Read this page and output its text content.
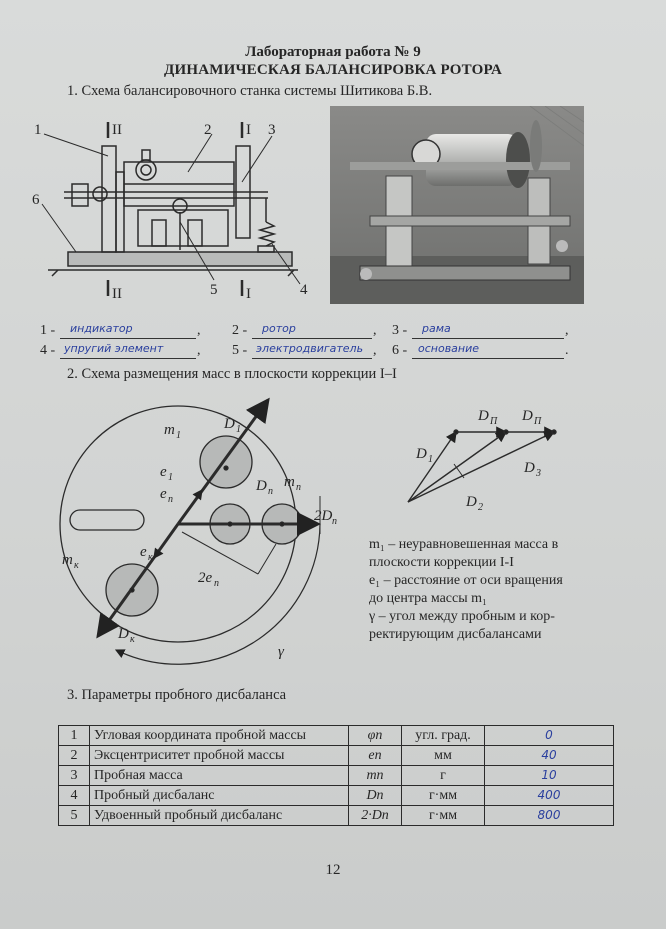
Лабораторная работа № 9
ДИНАМИЧЕСКАЯ БАЛАНСИРОВКА РОТОРА
1. Схема балансировочного станка системы Шитикова Б.В.
1	II	2 I 3
6
5	4
II	I
1 - индикатор	, 2 - ротор	, 3 - рама	,
4 - упругий элемент , 5 - электродвигатель , 6 - основание	.
2. Схема размещения масс в плоскости коррекции I–I
m 1
D 1
e 1
e п
D п
m п
2D п
m к
e к
2e п
D к
γ
D П D П
D 1
D 3
D 2
m₁ – неуравновешенная масса в
плоскости коррекции I-I
e₁ – расстояние от оси вращения
до центра массы m₁
γ – угол между пробным и кор-
ректирующим дисбалансами
3. Параметры пробного дисбаланса
1	Угловая координата пробной массы	φп	угл. град.	0
2	Эксцентриситет пробной массы	eп	мм	40
3	Пробная масса	mп	г	10
4	Пробный дисбаланс	Dп	г·мм	400
5	Удвоенный пробный дисбаланс	2·Dп	г·мм	800
12
